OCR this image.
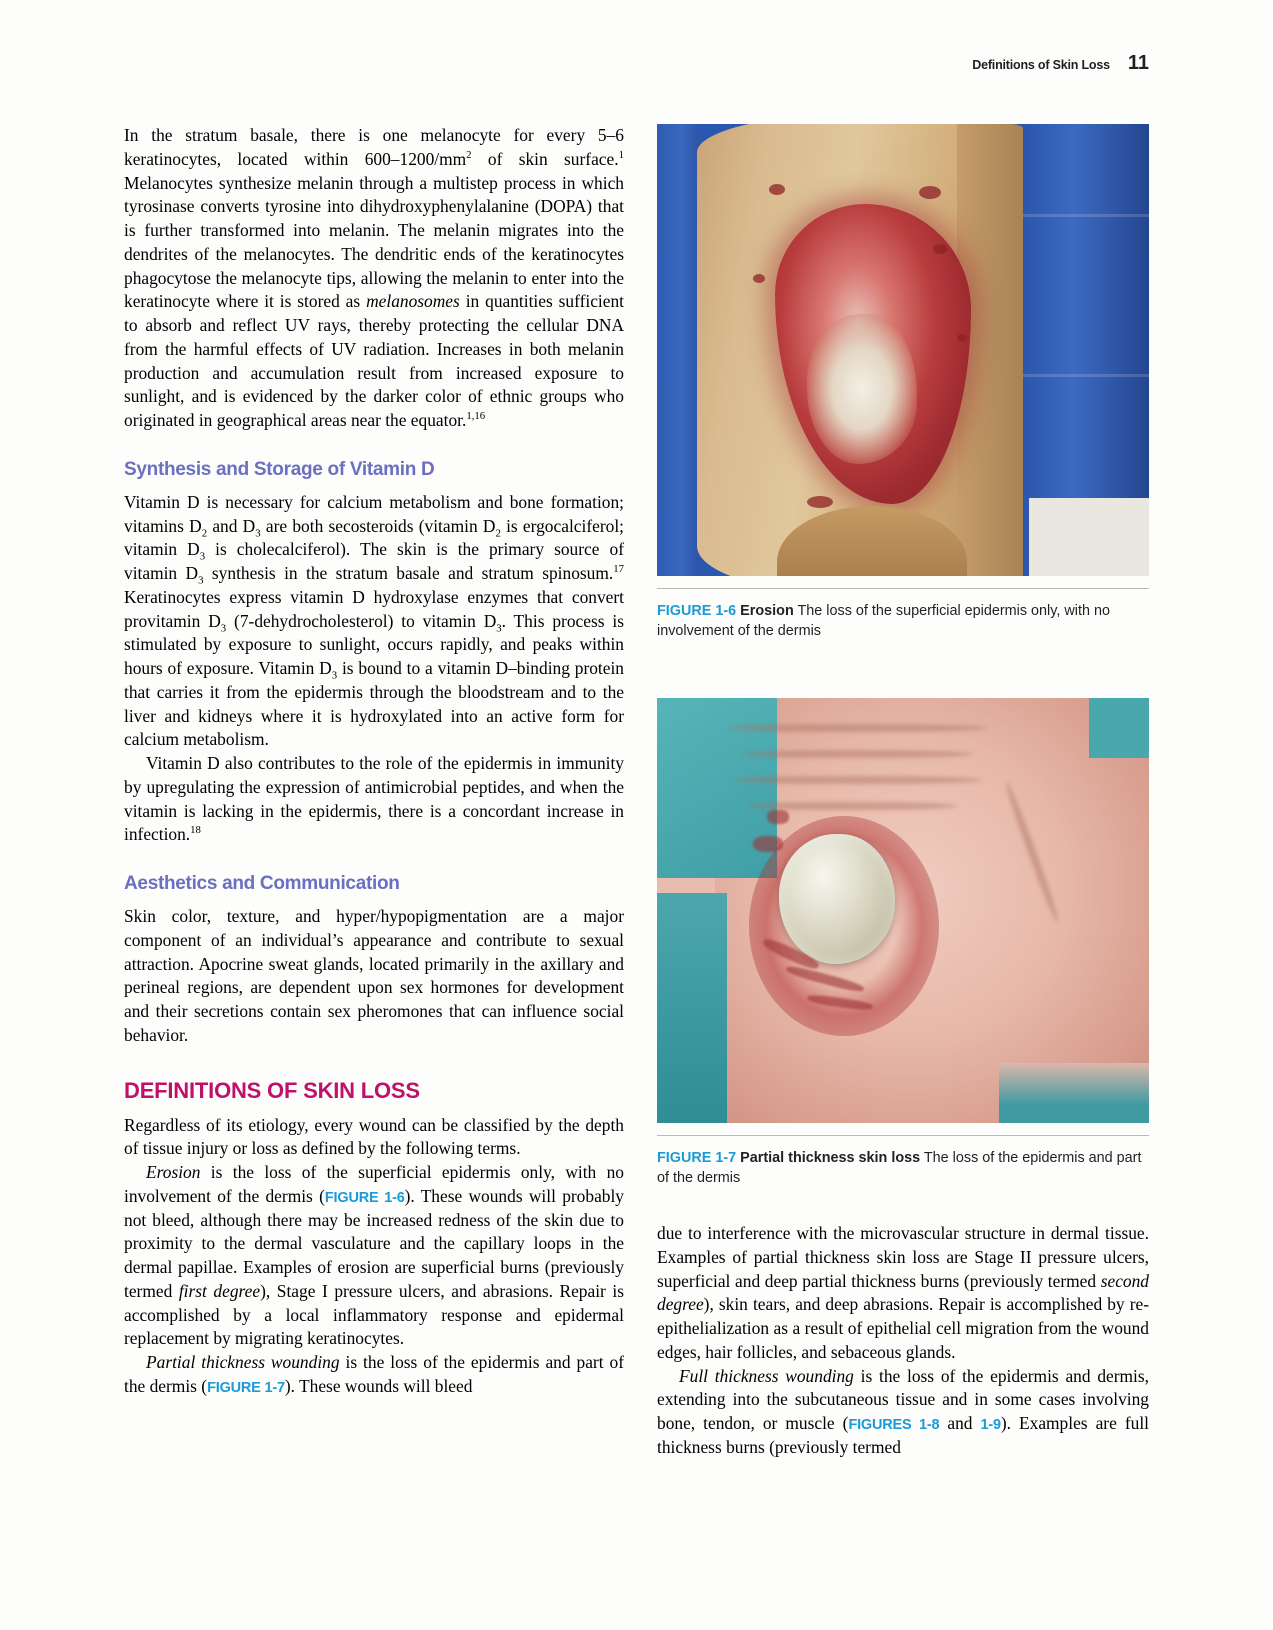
Definitions of Skin Loss 11

In the stratum basale, there is one melanocyte for every 5–6 keratinocytes, located within $600-1200/mm^2$ of skin surface.$^1$ Melanocytes synthesize melanin through a multistep process in which tyrosinase converts tyrosine into dihydroxyphenylalanine (DOPA) that is further transformed into melanin. The melanin migrates into the dendrites of the melanocytes. The dendritic ends of the keratinocytes phagocytose the melanocyte tips, allowing the melanin to enter into the keratinocyte where it is stored as melanosomes in quantities sufficient to absorb and reflect UV rays, thereby protecting the cellular DNA from the harmful effects of UV radiation. Increases in both melanin production and accumulation result from increased exposure to sunlight, and is evidenced by the darker color of ethnic groups who originated in geographical areas near the equator.$^{1,16}$

Synthesis and Storage of Vitamin D

Vitamin D is necessary for calcium metabolism and bone formation; vitamins $D_2$ and $D_3$ are both secosteroids (vitamin $D_2$ is ergocalciferol; vitamin $D_3$ is cholecalciferol). The skin is the primary source of vitamin $D_3$ synthesis in the stratum basale and stratum spinosum.$^{17}$ Keratinocytes express vitamin D hydroxylase enzymes that convert provitamin $D_3$ (7-dehydrocholesterol) to vitamin $D_3$. This process is stimulated by exposure to sunlight, occurs rapidly, and peaks within hours of exposure. Vitamin $D_3$ is bound to a vitamin D–binding protein that carries it from the epidermis through the bloodstream and to the liver and kidneys where it is hydroxylated into an active form for calcium metabolism.

Vitamin D also contributes to the role of the epidermis in immunity by upregulating the expression of antimicrobial peptides, and when the vitamin is lacking in the epidermis, there is a concordant increase in infection.$^{18}$

Aesthetics and Communication

Skin color, texture, and hyper/hypopigmentation are a major component of an individual’s appearance and contribute to sexual attraction. Apocrine sweat glands, located primarily in the axillary and perineal regions, are dependent upon sex hormones for development and their secretions contain sex pheromones that can influence social behavior.

DEFINITIONS OF SKIN LOSS

Regardless of its etiology, every wound can be classified by the depth of tissue injury or loss as defined by the following terms.

Erosion is the loss of the superficial epidermis only, with no involvement of the dermis (FIGURE 1-6). These wounds will probably not bleed, although there may be increased redness of the skin due to proximity to the dermal vasculature and the capillary loops in the dermal papillae. Examples of erosion are superficial burns (previously termed first degree), Stage I pressure ulcers, and abrasions. Repair is accomplished by a local inflammatory response and epidermal replacement by migrating keratinocytes.

Partial thickness wounding is the loss of the epidermis and part of the dermis (FIGURE 1-7). These wounds will bleed

FIGURE 1-6 Erosion The loss of the superficial epidermis only, with no involvement of the dermis
FIGURE 1-7 Partial thickness skin loss The loss of the epidermis and part of the dermis

due to interference with the microvascular structure in dermal tissue. Examples of partial thickness skin loss are Stage II pressure ulcers, superficial and deep partial thickness burns (previously termed second degree), skin tears, and deep abrasions. Repair is accomplished by re-epithelialization as a result of epithelial cell migration from the wound edges, hair follicles, and sebaceous glands.

Full thickness wounding is the loss of the epidermis and dermis, extending into the subcutaneous tissue and in some cases involving bone, tendon, or muscle (FIGURES 1-8 and 1-9). Examples are full thickness burns (previously termed
